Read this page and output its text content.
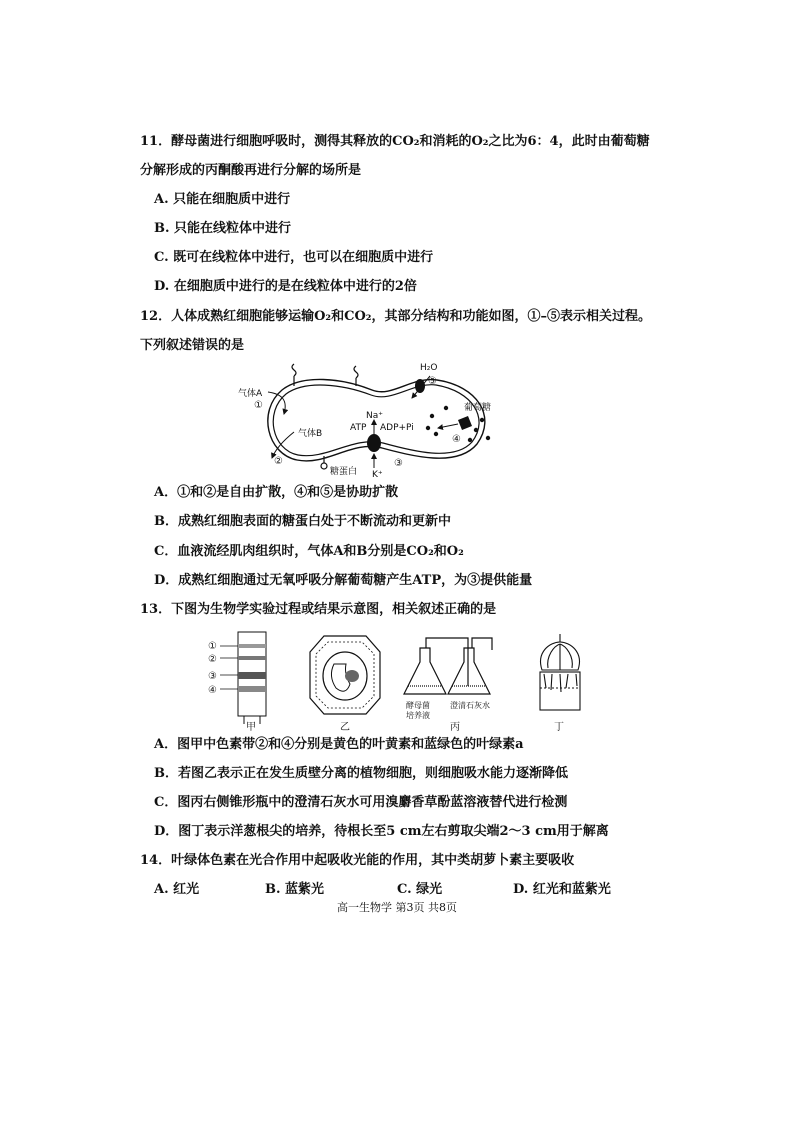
11．酵母菌进行细胞呼吸时，测得其释放的CO₂和消耗的O₂之比为6：4，此时由葡萄糖
分解形成的丙酮酸再进行分解的场所是
A. 只能在细胞质中进行
B. 只能在线粒体中进行
C. 既可在线粒体中进行，也可以在细胞质中进行
D. 在细胞质中进行的是在线粒体中进行的2倍
12．人体成熟红细胞能够运输O₂和CO₂，其部分结构和功能如图，①–⑤表示相关过程。
下列叙述错误的是
糖蛋白
气体A
①
气体B
②
H₂O
⑤
Na⁺
ATP ADP+Pi
K⁺
③
葡萄糖
④
A．①和②是自由扩散，④和⑤是协助扩散
B．成熟红细胞表面的糖蛋白处于不断流动和更新中
C．血液流经肌肉组织时，气体A和B分别是CO₂和O₂
D．成熟红细胞通过无氧呼吸分解葡萄糖产生ATP，为③提供能量
13．下图为生物学实验过程或结果示意图，相关叙述正确的是
①
②
③
④
甲	乙
酵母菌
培养液
澄清石灰水
丙	丁
A．图甲中色素带②和④分别是黄色的叶黄素和蓝绿色的叶绿素a
B．若图乙表示正在发生质壁分离的植物细胞，则细胞吸水能力逐渐降低
C．图丙右侧锥形瓶中的澄清石灰水可用溴麝香草酚蓝溶液替代进行检测
D．图丁表示洋葱根尖的培养，待根长至5 cm左右剪取尖端2～3 cm用于解离
14．叶绿体色素在光合作用中起吸收光能的作用，其中类胡萝卜素主要吸收
A. 红光	B. 蓝紫光	C. 绿光	D. 红光和蓝紫光
高一生物学 第3页 共8页
